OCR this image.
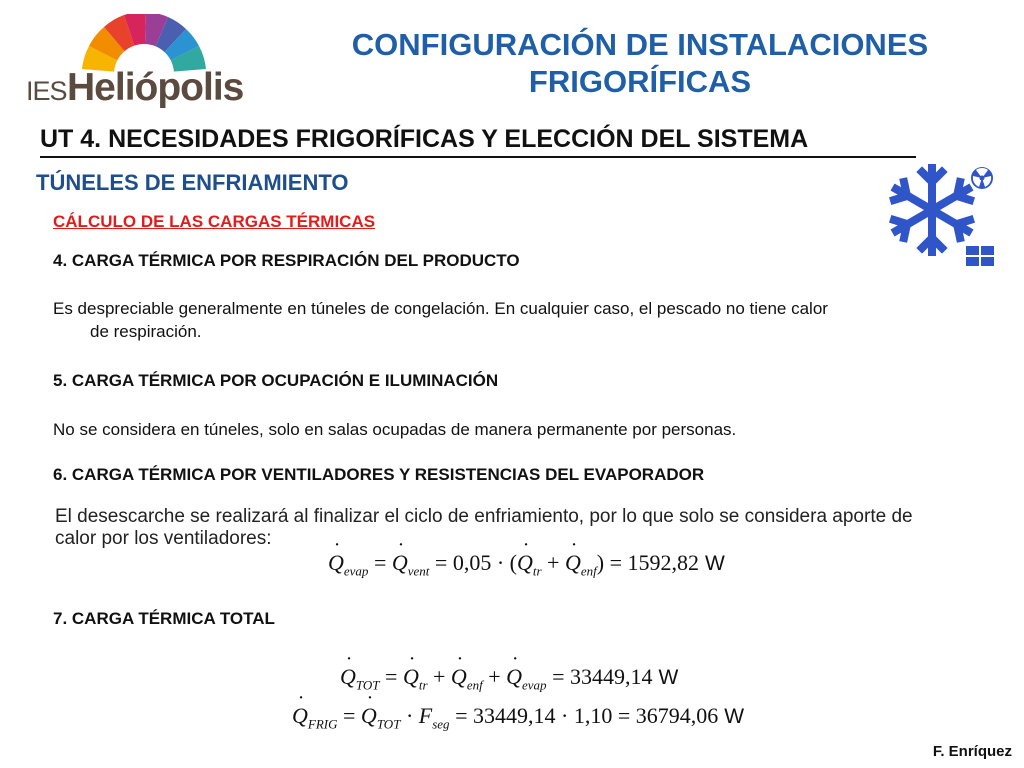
IES Heliópolis
CONFIGURACIÓN DE INSTALACIONES
FRIGORÍFICAS
UT 4. NECESIDADES FRIGORÍFICAS Y ELECCIÓN DEL SISTEMA
TÚNELES DE ENFRIAMIENTO
CÁLCULO DE LAS CARGAS TÉRMICAS
4. CARGA TÉRMICA POR RESPIRACIÓN DEL PRODUCTO
Es despreciable generalmente en túneles de congelación. En cualquier caso, el pescado no tiene calor
de respiración.
5. CARGA TÉRMICA POR OCUPACIÓN E ILUMINACIÓN
No se considera en túneles, solo en salas ocupadas de manera permanente por personas.
6. CARGA TÉRMICA POR VENTILADORES Y RESISTENCIAS DEL EVAPORADOR
El desescarche se realizará al finalizar el ciclo de enfriamiento, por lo que solo se considera aporte de calor por los ventiladores:
˙ $Q_{evap}$ = ˙ $Q_{vent} = 0,05$ · (˙ $Q_{tr}$ + ˙ $Q_{enf}) = 1592,82$ W
7. CARGA TÉRMICA TOTAL
˙ $Q_{TOT}$ = ˙ $Q_{tr}$ + ˙ $Q_{enf}$ + ˙ $Q_{evap} = 33449,14$ W
˙ $Q_{FRIG}$ = ˙ $Q_{TOT} \cdot F_{seg} = 33449,14 \cdot 1,10 = 36794,06$ W
F. Enríquez
